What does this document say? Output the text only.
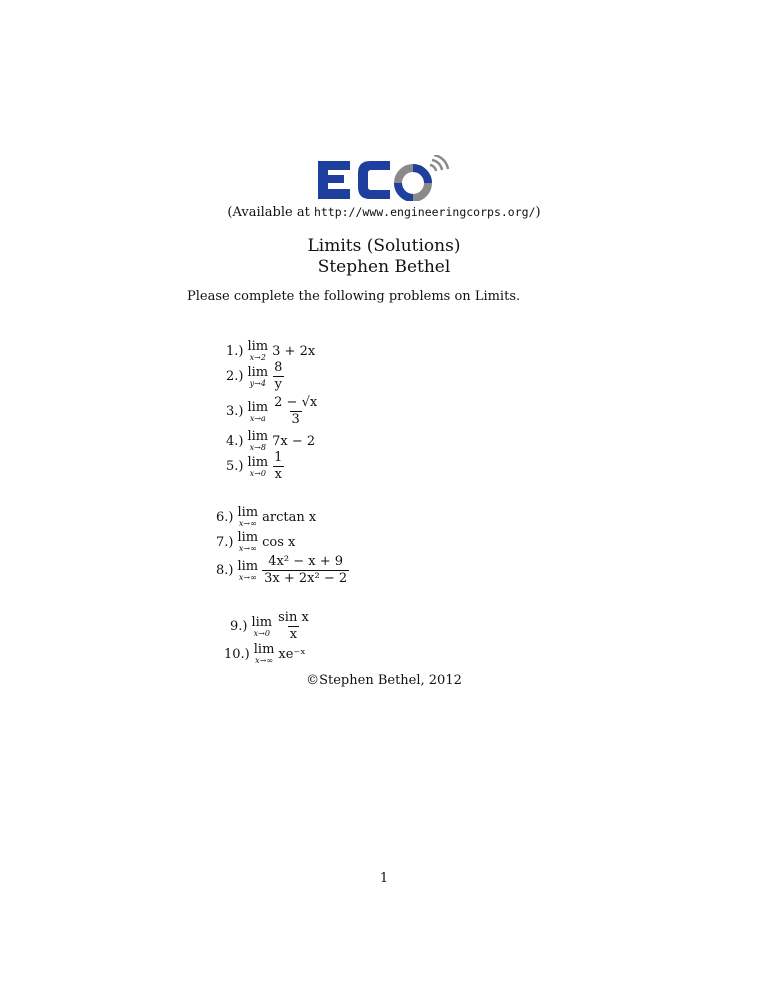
(Available at http://www.engineeringcorps.org/)
Limits (Solutions)
Stephen Bethel
Please complete the following problems on Limits.
1.) lim
x→2 3 + 2x
2.) lim
$y\to 4 \frac{8}{y}$
3.) lim
$x\to a \frac{2 - √x}{3}$
4.) lim
x→8 7x − 2
5.) lim
$x\to 0 \frac{1}{x}$
6.) lim
x→∞ arctan x
7.) lim
x→∞ cos x
8.) lim
$x\to\infty \frac{\text{4x² − x + 9}}{\text{3x + 2x² − 2}}$
9.) lim
$x\to 0 \frac{\text{sin x}}{x}$
10.) lim
x→∞ xe⁻ˣ
©Stephen Bethel, 2012
1
